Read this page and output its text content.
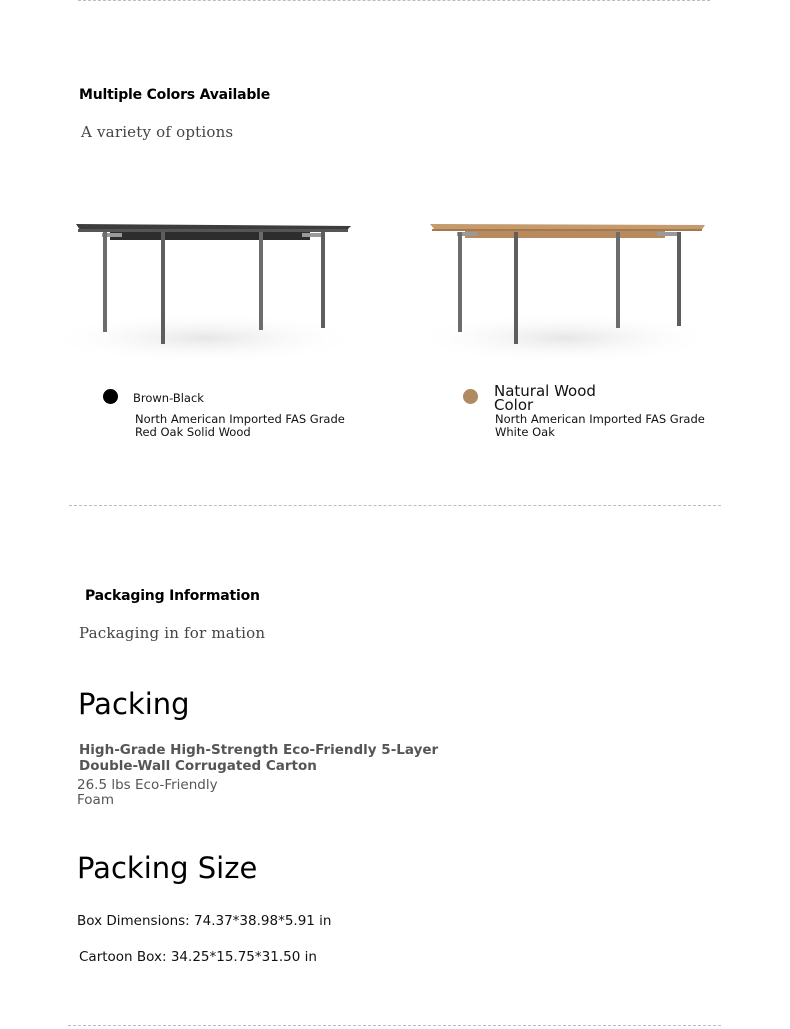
Multiple Colors Available
A variety of options
Brown-Black
North American Imported FAS Grade Red Oak Solid Wood
Natural Wood Color
North American Imported FAS Grade White Oak
Packaging Information
Packaging in for mation
Packing
High-Grade High-Strength Eco-Friendly 5-Layer Double-Wall Corrugated Carton
26.5 lbs Eco-Friendly Foam
Packing Size
Box Dimensions: 74.37*38.98*5.91 in
Cartoon Box: 34.25*15.75*31.50 in
